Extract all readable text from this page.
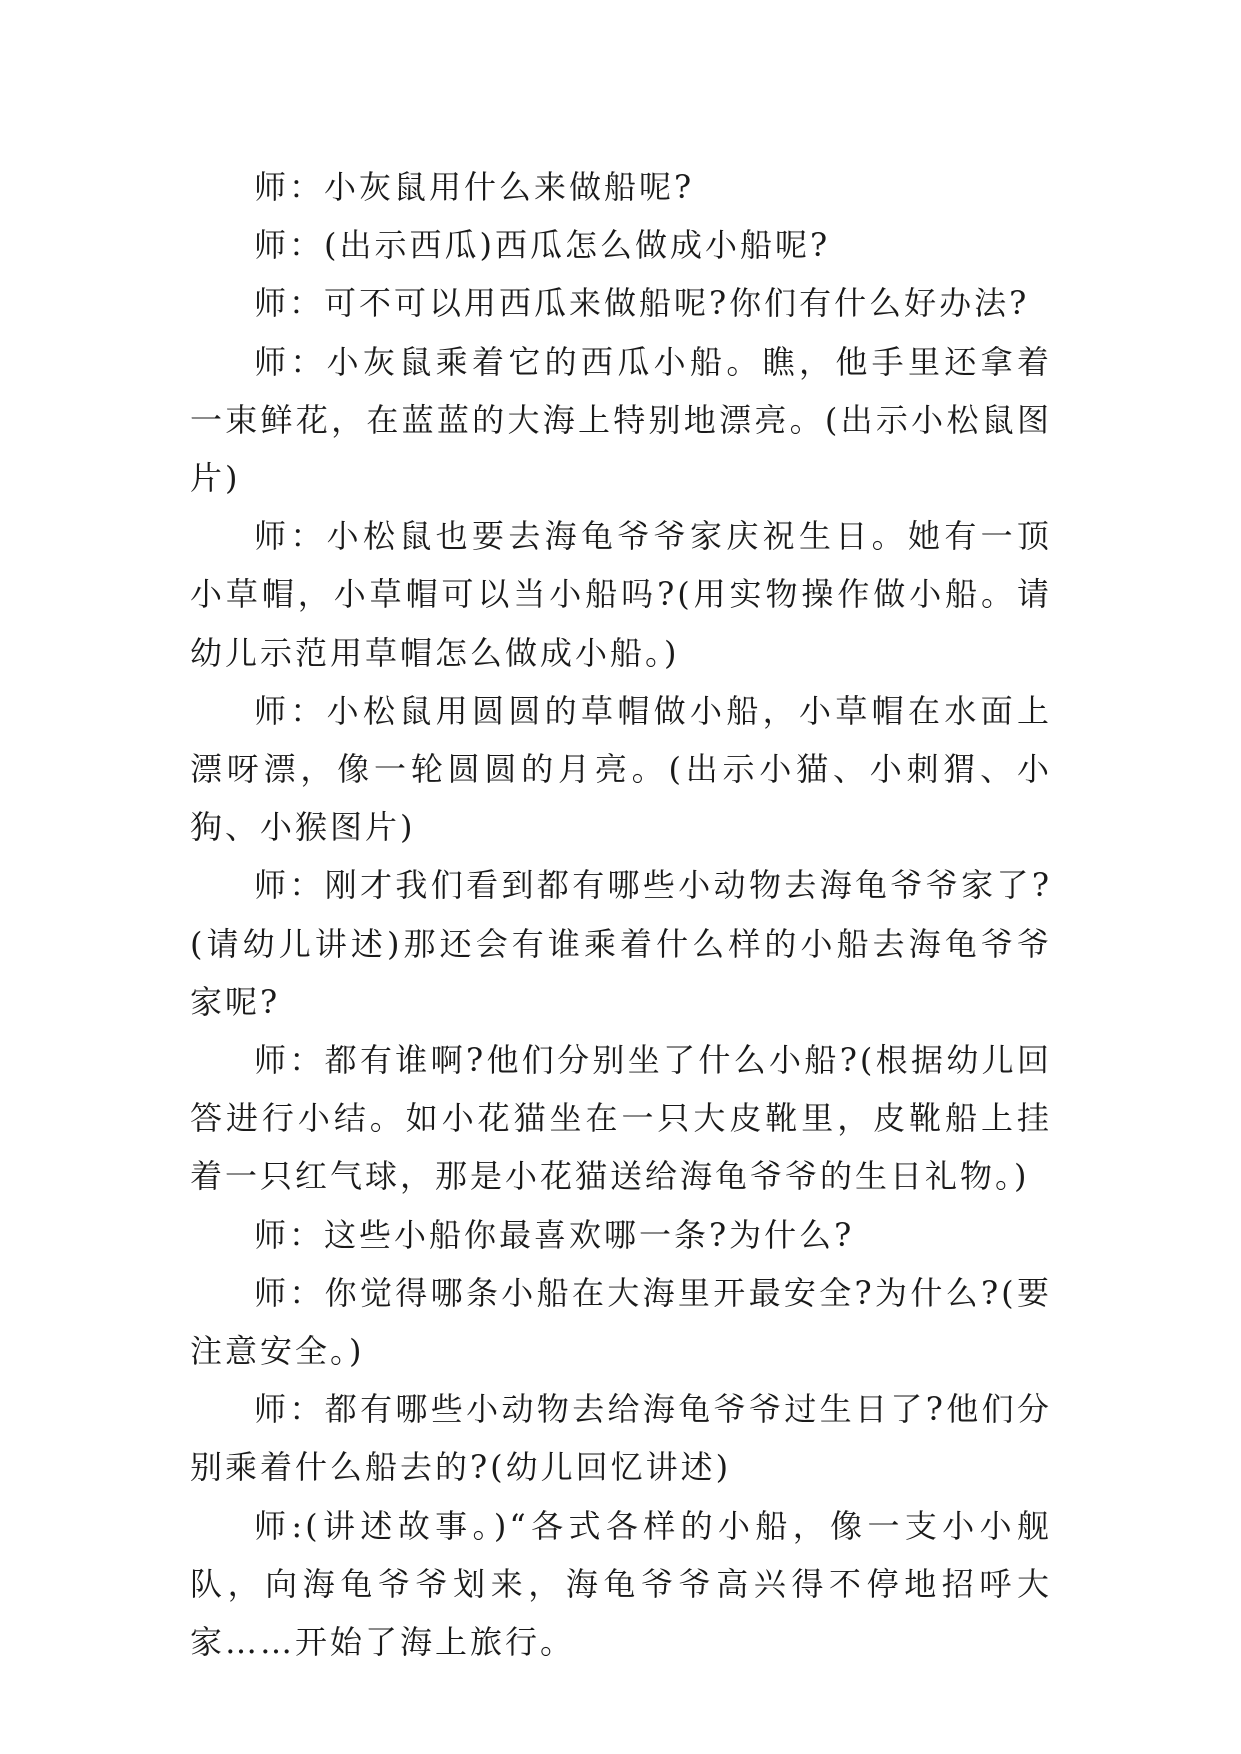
师：小灰鼠用什么来做船呢?

师：(出示西瓜)西瓜怎么做成小船呢?

师：可不可以用西瓜来做船呢?你们有什么好办法?

师：小灰鼠乘着它的西瓜小船。瞧，他手里还拿着一束鲜花，在蓝蓝的大海上特别地漂亮。(出示小松鼠图片)

师：小松鼠也要去海龟爷爷家庆祝生日。她有一顶小草帽，小草帽可以当小船吗?(用实物操作做小船。请幼儿示范用草帽怎么做成小船。)

师：小松鼠用圆圆的草帽做小船，小草帽在水面上漂呀漂，像一轮圆圆的月亮。(出示小猫、小刺猬、小狗、小猴图片)

师：刚才我们看到都有哪些小动物去海龟爷爷家了?(请幼儿讲述)那还会有谁乘着什么样的小船去海龟爷爷家呢?

师：都有谁啊?他们分别坐了什么小船?(根据幼儿回答进行小结。如小花猫坐在一只大皮靴里，皮靴船上挂着一只红气球，那是小花猫送给海龟爷爷的生日礼物。)

师：这些小船你最喜欢哪一条?为什么?

师：你觉得哪条小船在大海里开最安全?为什么?(要注意安全。)

师：都有哪些小动物去给海龟爷爷过生日了?他们分别乘着什么船去的?(幼儿回忆讲述)

师:(讲述故事。)“各式各样的小船，像一支小小舰队，向海龟爷爷划来，海龟爷爷高兴得不停地招呼大家……开始了海上旅行。
